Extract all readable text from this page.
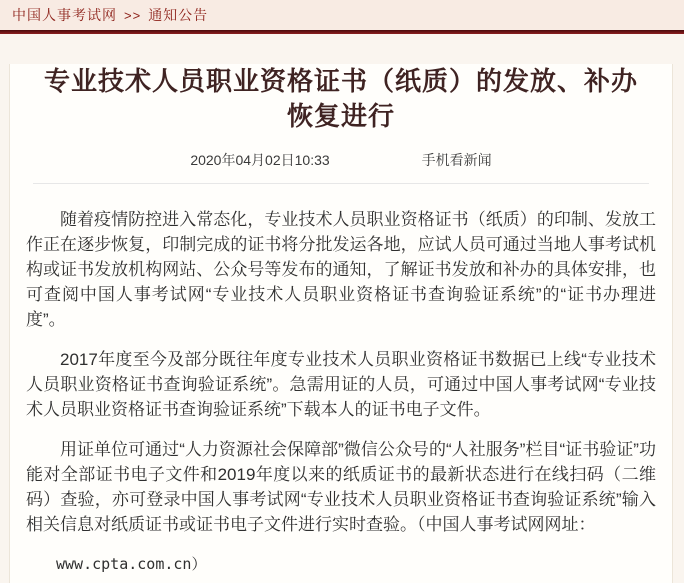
中国人事考试网 >> 通知公告
专业技术人员职业资格证书（纸质）的发放、补办恢复进行
2020年04月02日10:33	手机看新闻

随着疫情防控进入常态化，专业技术人员职业资格证书（纸质）的印制、发放工作正在逐步恢复，印制完成的证书将分批发运各地，应试人员可通过当地人事考试机构或证书发放机构网站、公众号等发布的通知，了解证书发放和补办的具体安排，也可查阅中国人事考试网“专业技术人员职业资格证书查询验证系统”的“证书办理进度”。

2017年度至今及部分既往年度专业技术人员职业资格证书数据已上线“专业技术人员职业资格证书查询验证系统”。急需用证的人员，可通过中国人事考试网“专业技术人员职业资格证书查询验证系统”下载本人的证书电子文件。

用证单位可通过“人力资源社会保障部”微信公众号的“人社服务”栏目“证书验证”功能对全部证书电子文件和2019年度以来的纸质证书的最新状态进行在线扫码（二维码）查验，亦可登录中国人事考试网“专业技术人员职业资格证书查询验证系统”输入相关信息对纸质证书或证书电子文件进行实时查验。（中国人事考试网网址：

www.cpta.com.cn）
